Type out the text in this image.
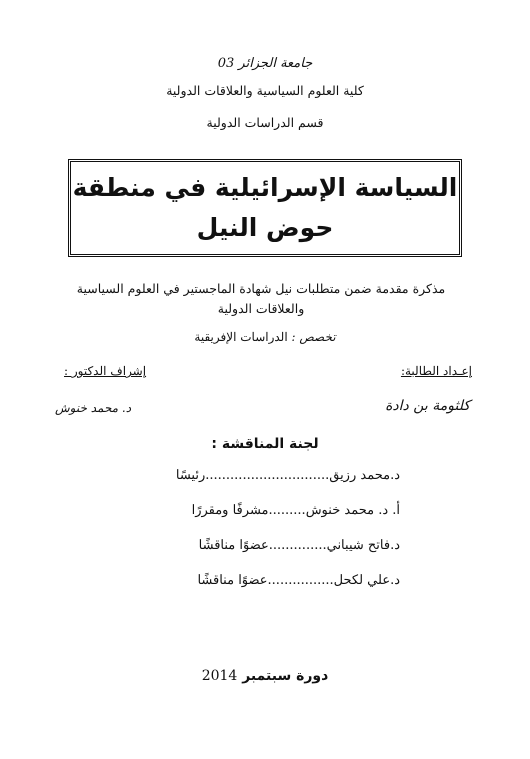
جامعة الجزائر 03
كلية العلوم السياسية والعلاقات الدولية
قسم الدراسات الدولية
السياسة الإسرائيلية في منطقة
حوض النيل
مذكرة مقدمة ضمن متطلبات نيل شهادة الماجستير في العلوم السياسية والعلاقات الدولية
تخصص : الدراسات الإفريقية
إعـداد الطالبة:
إشراف الدكتور :
كلثومة بن دادة
د. محمد خنوش
لجنة المناقشة :
د.محمد رزيق..............................رئيسًا
أ. د. محمد خنوش.........مشرفًا ومقررًا
د.فاتح شيباني..............عضوًا مناقشًا
د.علي لكحل................عضوًا مناقشًا
دورة سبتمبر 2014
